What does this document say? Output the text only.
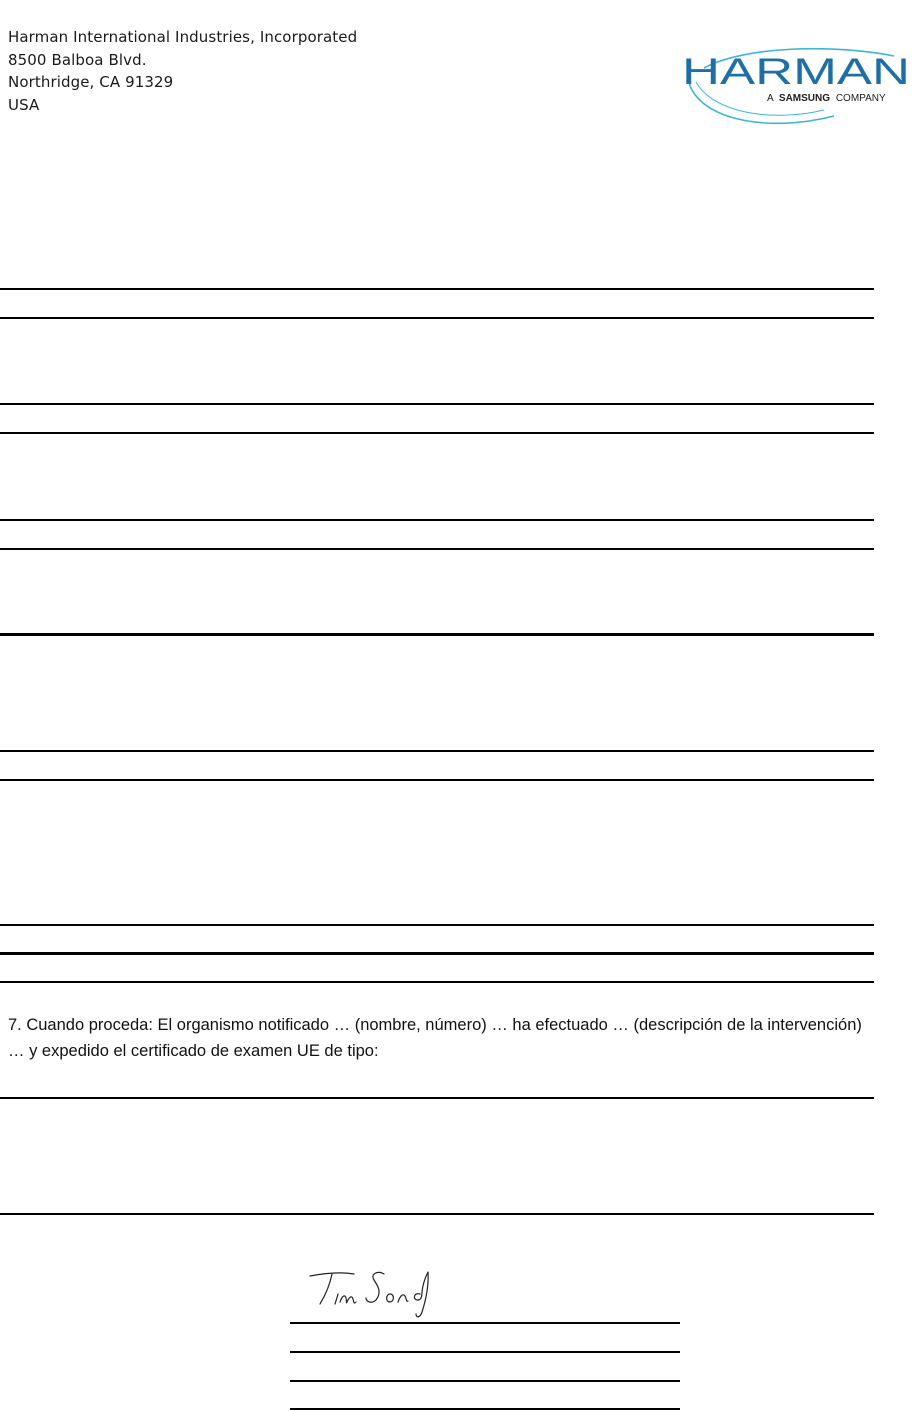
Harman International Industries, Incorporated
8500 Balboa Blvd.
Northridge, CA 91329
USA
HARMAN
A SAMSUNG COMPANY
7. Cuando proceda: El organismo notificado … (nombre, número) … ha efectuado … (descripción de la intervención) … y expedido el certificado de examen UE de tipo:
